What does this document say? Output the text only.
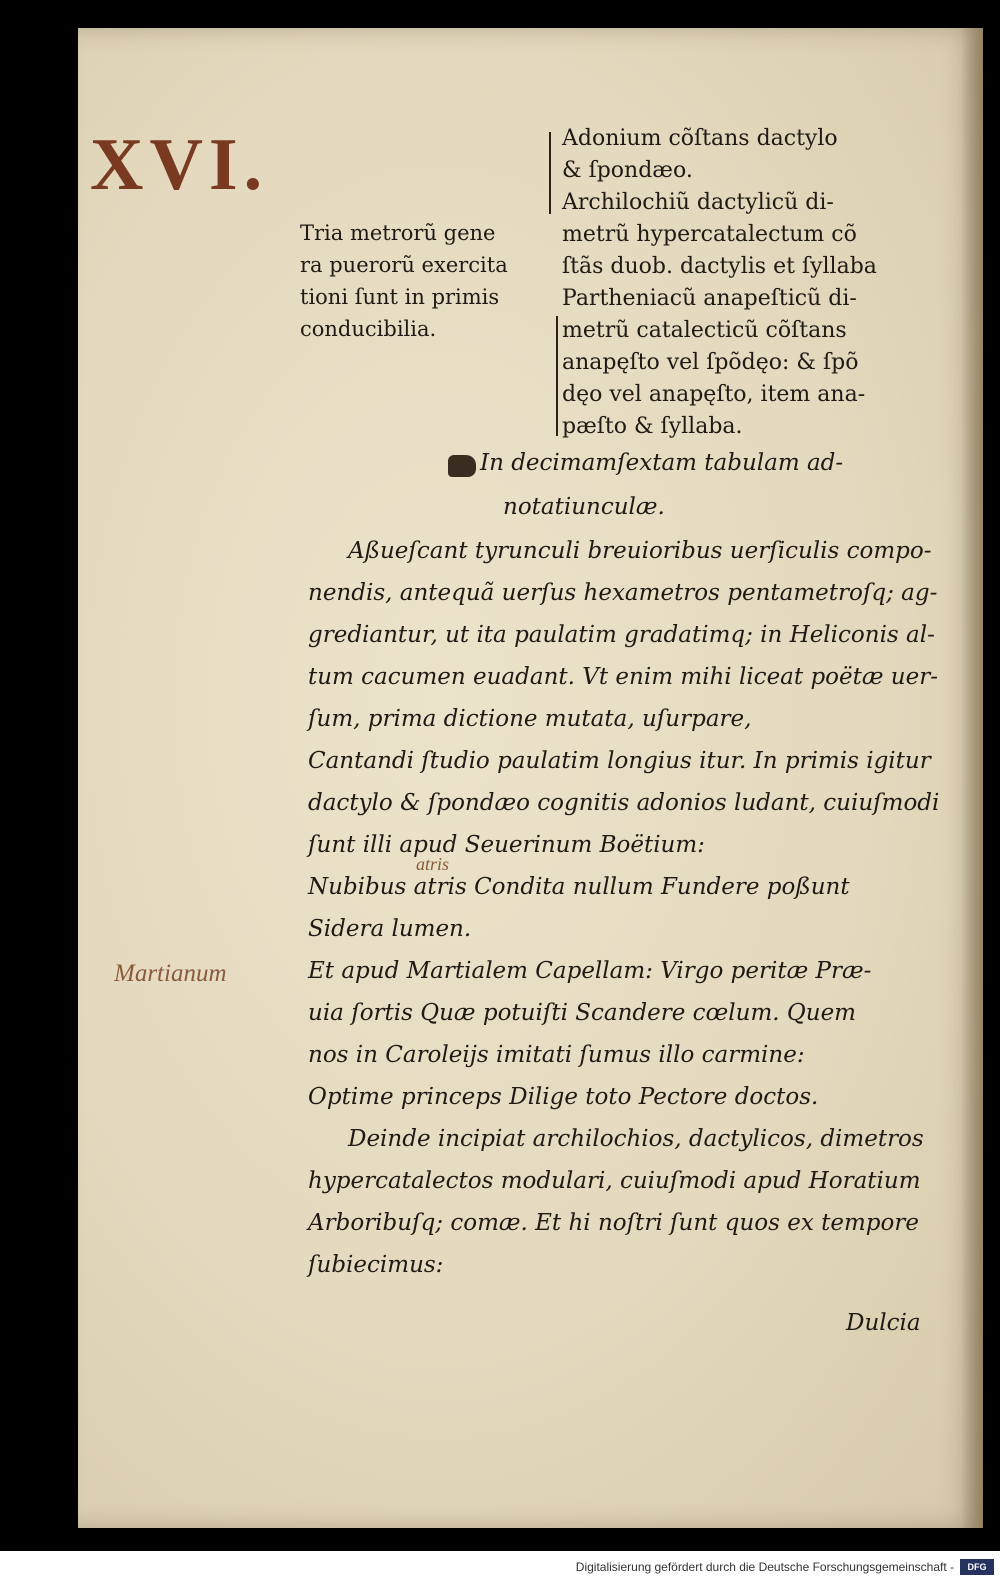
XVI.
Tria metrorũ gene
ra puerorũ exercita
tioni ſunt in primis
conducibilia.
Adonium cõſtans dactylo
& ſpondæo.
Archilochiũ dactylicũ di-
metrũ hypercatalectum cõ
ſtãs duob. dactylis et ſyllaba
Partheniacũ anapeſticũ di-
metrũ catalecticũ cõſtans
anapęſto vel ſpõdęo: & ſpõ
dęo vel anapęſto, item ana-
pæſto & ſyllaba.
In decimamſextam tabulam ad-
notatiunculæ.
Aßueſcant tyrunculi breuioribus uerſiculis compo-
nendis, antequã uerſus hexametros pentametroſq; ag-
grediantur, ut ita paulatim gradatimq; in Heliconis al-
tum cacumen euadant. Vt enim mihi liceat poëtæ uer-
ſum, prima dictione mutata, uſurpare,
Cantandi ſtudio paulatim longius itur. In primis igitur
dactylo & ſpondæo cognitis adonios ludant, cuiuſmodi
ſunt illi apud Seuerinum Boëtium:
atris
Nubibus atris Condita nullum Fundere poßunt
Sidera lumen.
Martianum	Et apud Martialem Capellam: Virgo peritæ Præ-
uia ſortis Quæ potuiſti Scandere cœlum. Quem
nos in Caroleijs imitati ſumus illo carmine:
Optime princeps Dilige toto Pectore doctos.
Deinde incipiat archilochios, dactylicos, dimetros
hypercatalectos modulari, cuiuſmodi apud Horatium
Arboribuſq; comæ. Et hi noſtri ſunt quos ex tempore
ſubiecimus:
Dulcia
Digitalisierung gefördert durch die Deutsche Forschungsgemeinschaft -	DFG
